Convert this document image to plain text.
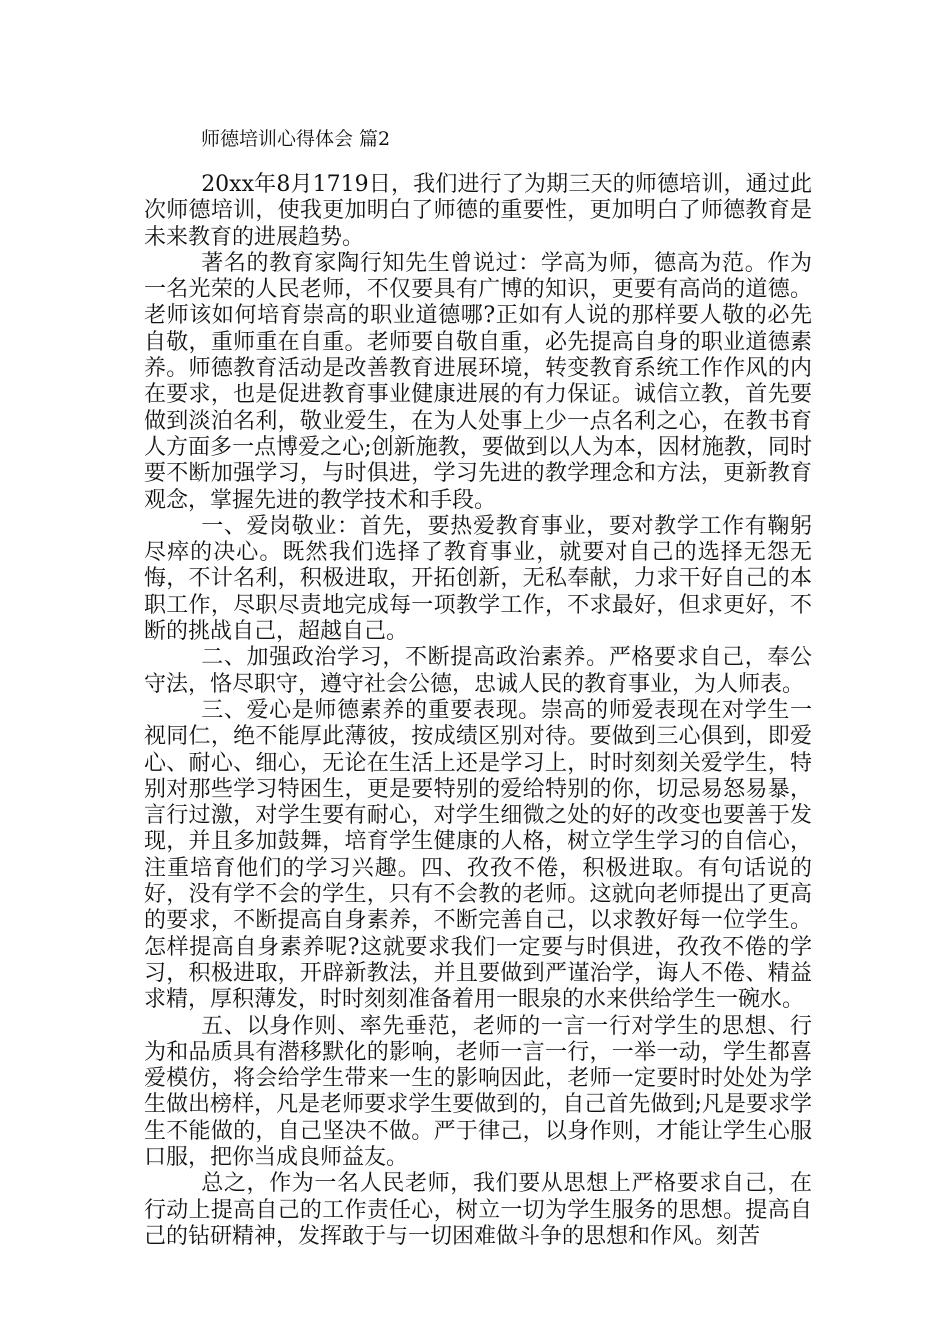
师德培训心得体会 篇2

20xx年8月1719日，我们进行了为期三天的师德培训，通过此次师德培训，使我更加明白了师德的重要性，更加明白了师德教育是未来教育的进展趋势。

著名的教育家陶行知先生曾说过：学高为师，德高为范。作为一名光荣的人民老师，不仅要具有广博的知识，更要有高尚的道德。老师该如何培育崇高的职业道德哪?正如有人说的那样要人敬的必先自敬，重师重在自重。老师要自敬自重，必先提高自身的职业道德素养。师德教育活动是改善教育进展环境，转变教育系统工作作风的内在要求，也是促进教育事业健康进展的有力保证。诚信立教，首先要做到淡泊名利，敬业爱生，在为人处事上少一点名利之心，在教书育人方面多一点博爱之心;创新施教，要做到以人为本，因材施教，同时要不断加强学习，与时俱进，学习先进的教学理念和方法，更新教育观念，掌握先进的教学技术和手段。

一、爱岗敬业：首先，要热爱教育事业，要对教学工作有鞠躬尽瘁的决心。既然我们选择了教育事业，就要对自己的选择无怨无悔，不计名利，积极进取，开拓创新，无私奉献，力求干好自己的本职工作，尽职尽责地完成每一项教学工作，不求最好，但求更好，不断的挑战自己，超越自己。

二、加强政治学习，不断提高政治素养。严格要求自己，奉公守法，恪尽职守，遵守社会公德，忠诚人民的教育事业，为人师表。

三、爱心是师德素养的重要表现。崇高的师爱表现在对学生一视同仁，绝不能厚此薄彼，按成绩区别对待。要做到三心俱到，即爱心、耐心、细心，无论在生活上还是学习上，时时刻刻关爱学生，特别对那些学习特困生，更是要特别的爱给特别的你，切忌易怒易暴，言行过激，对学生要有耐心，对学生细微之处的好的改变也要善于发现，并且多加鼓舞，培育学生健康的人格，树立学生学习的自信心，注重培育他们的学习兴趣。四、孜孜不倦，积极进取。有句话说的好，没有学不会的学生，只有不会教的老师。这就向老师提出了更高的要求，不断提高自身素养，不断完善自己，以求教好每一位学生。怎样提高自身素养呢?这就要求我们一定要与时俱进，孜孜不倦的学习，积极进取，开辟新教法，并且要做到严谨治学，诲人不倦、精益求精，厚积薄发，时时刻刻准备着用一眼泉的水来供给学生一碗水。

五、以身作则、率先垂范，老师的一言一行对学生的思想、行为和品质具有潜移默化的影响，老师一言一行，一举一动，学生都喜爱模仿，将会给学生带来一生的影响因此，老师一定要时时处处为学生做出榜样，凡是老师要求学生要做到的，自己首先做到;凡是要求学生不能做的，自己坚决不做。严于律己，以身作则，才能让学生心服口服，把你当成良师益友。

总之，作为一名人民老师，我们要从思想上严格要求自己，在行动上提高自己的工作责任心，树立一切为学生服务的思想。提高自己的钻研精神，发挥敢于与一切困难做斗争的思想和作风。刻苦
